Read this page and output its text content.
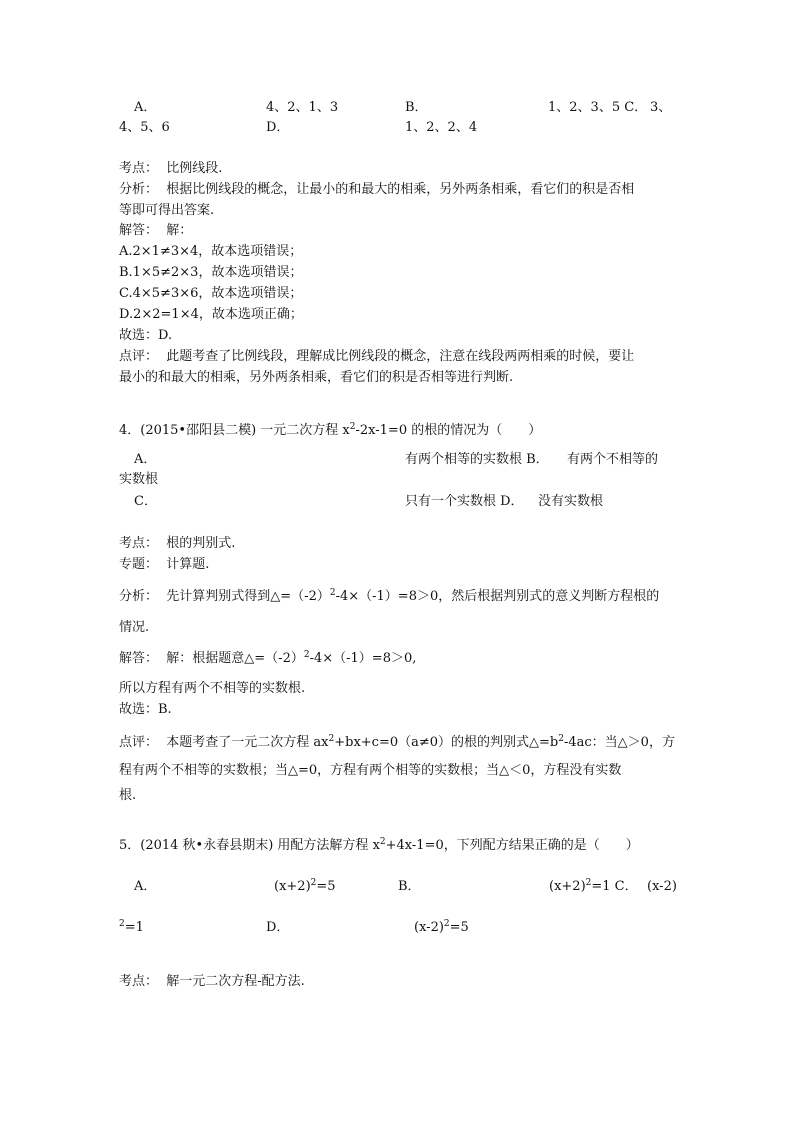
A．	4、2、1、3	B．	1、2、3、5 C． 3、
4、5、6	D．	1、2、2、4
考点： 比例线段.
分析： 根据比例线段的概念，让最小的和最大的相乘，另外两条相乘，看它们的积是否相
等即可得出答案.
解答： 解：
A.2×1≠3×4，故本选项错误；
B.1×5≠2×3，故本选项错误；
C.4×5≠3×6，故本选项错误；
D.2×2=1×4，故本选项正确；
故选：D.
点评： 此题考查了比例线段，理解成比例线段的概念，注意在线段两两相乘的时候，要让
最小的和最大的相乘，另外两条相乘，看它们的积是否相等进行判断.
4．(2015•邵阳县二模) 一元二次方程 $x^2-2x-1=0$ 的根的情况为（　　）
A．	有两个相等的实数根 B． 有两个不相等的
实数根
C．	只有一个实数根 D． 没有实数根
考点： 根的判别式.
专题： 计算题.
分析： 先计算判别式得到$\triangle=(-2)^2-4\times(-1)=8>0$，然后根据判别式的意义判断方程根的
情况.
解答： 解：根据题意$\triangle=(-2)^2-4\times(-1)=8>0$,
所以方程有两个不相等的实数根.
故选：B.
点评： 本题考查了一元二次方程 $ax^2+bx+c=0(a\ne 0)$的根的判别式$\triangle=b^2-4ac$：当△＞0，方
程有两个不相等的实数根；当△=0，方程有两个相等的实数根；当△＜0，方程没有实数
根.
5．(2014 秋•永春县期末) 用配方法解方程 $x^2+4x-1=0$，下列配方结果正确的是（　　）
A．	$(x+2)^2=5$	B．	$(x+2)^2=1$ C． (x-2)
$^2$=1	D．	$(x-2)^2=5$
考点： 解一元二次方程-配方法.
